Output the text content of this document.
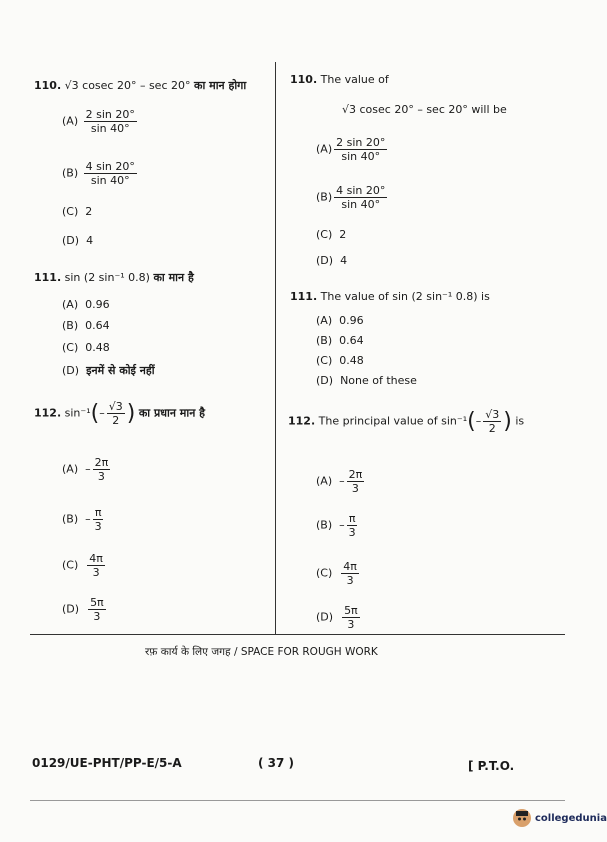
110. √3 cosec 20° – sec 20° का मान होगा
$(A) \frac{2 \sin 20^\circ}{\sin 40^\circ}$
$(B) \frac{4 \sin 20^\circ}{\sin 40^\circ}$
(C) 2
(D) 4
111. sin (2 sin⁻¹ 0.8) का मान है
(A) 0.96
(B) 0.64
(C) 0.48
(D) इनमें से कोई नहीं
112. $\sin^{-1}(- \frac{√3}{2}$ ) का प्रधान मान है
$(A) - \frac{2\pi}{3}$
$(B) - \frac{\pi}{3}$
$(C) \frac{4\pi}{3}$
$(D) \frac{5\pi}{3}$
110. The value of
√3 cosec 20° – sec 20° will be
$(A) \frac{2 \sin 20^\circ}{\sin 40^\circ}$
$(B) \frac{4 \sin 20^\circ}{\sin 40^\circ}$
(C) 2
(D) 4
111. The value of sin (2 sin⁻¹ 0.8) is
(A) 0.96
(B) 0.64
(C) 0.48
(D) None of these
112. The principal value of $\sin^{-1}(- \frac{√3}{2}$ ) is
$(A) - \frac{2\pi}{3}$
$(B) - \frac{\pi}{3}$
$(C) \frac{4\pi}{3}$
$(D) \frac{5\pi}{3}$
रफ़ कार्य के लिए जगह / SPACE FOR ROUGH WORK
0129/UE-PHT/PP-E/5-A	( 37 )	[ P.T.O.
collegedunia
